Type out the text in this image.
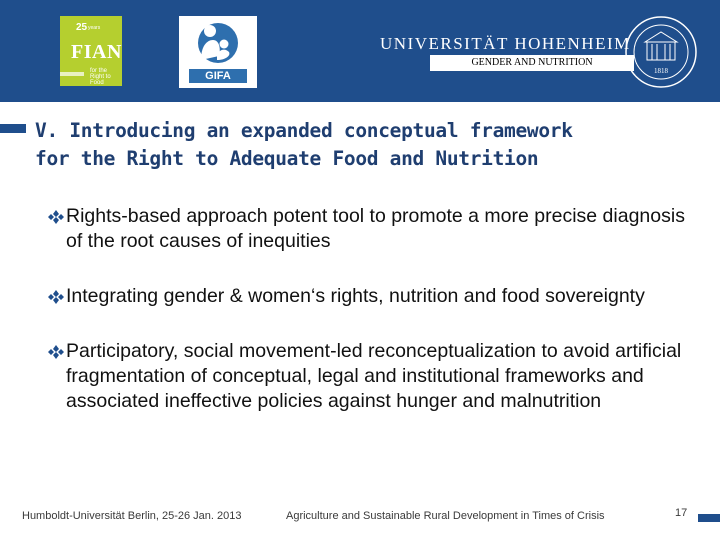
25 years
FIAN
for the Right to Food
GIFA
UNIVERSITÄT HOHENHEIM
GENDER AND NUTRITION
1818
V. Introducing an expanded conceptual framework
for the Right to Adequate Food and Nutrition
Rights-based approach potent tool to promote a more precise diagnosis of the root causes of inequities
Integrating gender & women‘s rights, nutrition and food sovereignty
Participatory, social movement-led reconceptualization to avoid artificial fragmentation of conceptual, legal and institutional frameworks and associated ineffective policies against hunger and malnutrition
Humboldt-Universität Berlin, 25-26 Jan. 2013	Agriculture and Sustainable Rural Development in Times of Crisis	17
